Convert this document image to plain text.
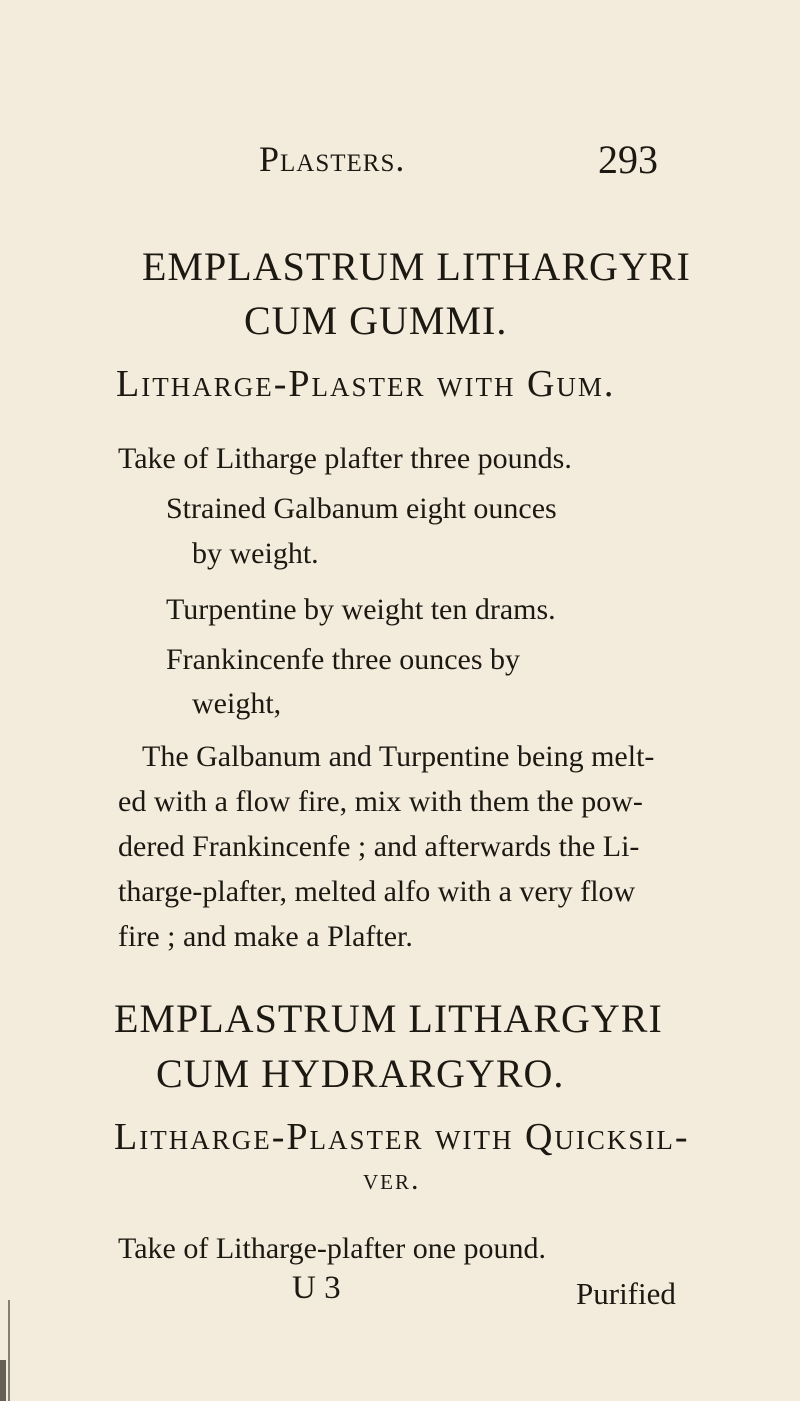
Plasters.	293
EMPLASTRUM LITHARGYRI
CUM GUMMI.
Litharge-Plaster with Gum.
Take of Litharge plafter three pounds.
Strained Galbanum eight ounces
by weight.
Turpentine by weight ten drams.
Frankincenfe three ounces by
weight,
The Galbanum and Turpentine being melt-
ed with a flow fire, mix with them the pow-
dered Frankincenfe ; and afterwards the Li-
tharge-plafter, melted alfo with a very flow
fire ; and make a Plafter.
EMPLASTRUM LITHARGYRI
CUM HYDRARGYRO.
Litharge-Plaster with Quicksil-
ver.
Take of Litharge-plafter one pound.
U 3	Purified
